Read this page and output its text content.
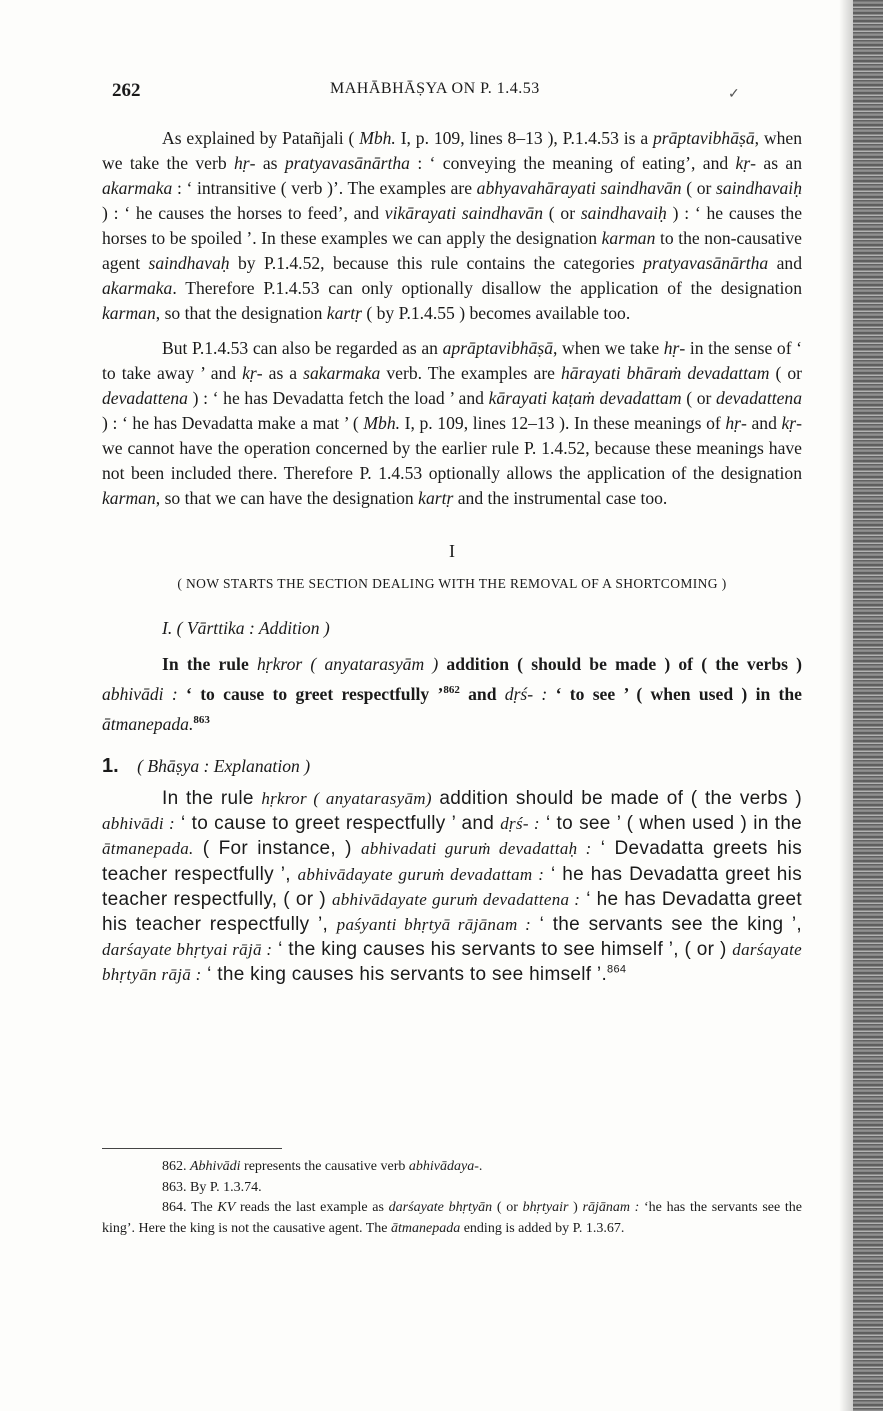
262	MAHĀBHĀṢYA ON P. 1.4.53	✓

As explained by Patañjali ( Mbh. I, p. 109, lines 8–13 ), P.1.4.53 is a prāptavibhāṣā, when we take the verb hṛ- as pratyavasānārtha : ‘ conveying the meaning of eating’, and kṛ- as an akarmaka : ‘ intransitive ( verb )’. The examples are abhyavahārayati saindhavān ( or saindhavaiḥ ) : ‘ he causes the horses to feed’, and vikārayati saindhavān ( or saindhavaiḥ ) : ‘ he causes the horses to be spoiled ’. In these examples we can apply the designation karman to the non-causative agent saindhavaḥ by P.1.4.52, because this rule contains the categories pratyavasānārtha and akarmaka. Therefore P.1.4.53 can only optionally disallow the application of the designation karman, so that the designation kartṛ ( by P.1.4.55 ) becomes available too.

But P.1.4.53 can also be regarded as an aprāptavibhāṣā, when we take hṛ- in the sense of ‘ to take away ’ and kṛ- as a sakarmaka verb. The examples are hārayati bhāraṁ devadattam ( or devadattena ) : ‘ he has Devadatta fetch the load ’ and kārayati kaṭaṁ devadattam ( or devadattena ) : ‘ he has Devadatta make a mat ’ ( Mbh. I, p. 109, lines 12–13 ). In these meanings of hṛ- and kṛ- we cannot have the operation concerned by the earlier rule P. 1.4.52, because these meanings have not been included there. Therefore P. 1.4.53 optionally allows the application of the designation karman, so that we can have the designation kartṛ and the instrumental case too.

I
( NOW STARTS THE SECTION DEALING WITH THE REMOVAL OF A SHORTCOMING )
I. ( Vārttika : Addition )
In the rule hṛkror ( anyatarasyām ) addition ( should be made ) of ( the verbs ) abhivādi : ‘ to cause to greet respectfully ’$^{862}$ and dṛś- : ‘ to see ’ ( when used ) in the ātmanepada.$^{863}$
1. ( Bhāṣya : Explanation )
In the rule hṛkror ( anyatarasyām) addition should be made of ( the verbs ) abhivādi : ‘ to cause to greet respectfully ’ and dṛś- : ‘ to see ’ ( when used ) in the ātmanepada. ( For instance, ) abhivadati guruṁ devadattaḥ : ‘ Devadatta greets his teacher respectfully ’, abhivādayate guruṁ devadattam : ‘ he has Devadatta greet his teacher respectfully, ( or ) abhivādayate guruṁ devadattena : ‘ he has Devadatta greet his teacher respectfully ’, paśyanti bhṛtyā rājānam : ‘ the servants see the king ’, darśayate bhṛtyai rājā : ‘ the king causes his servants to see himself ’, ( or ) darśayate bhṛtyān rājā : ‘ the king causes his servants to see himself ’.$^{864}$

862. Abhivādi represents the causative verb abhivādaya-.

863. By P. 1.3.74.

864. The KV reads the last example as darśayate bhṛtyān ( or bhṛtyair ) rājānam : ‘he has the servants see the king’. Here the king is not the causative agent. The ātmanepada ending is added by P. 1.3.67.
